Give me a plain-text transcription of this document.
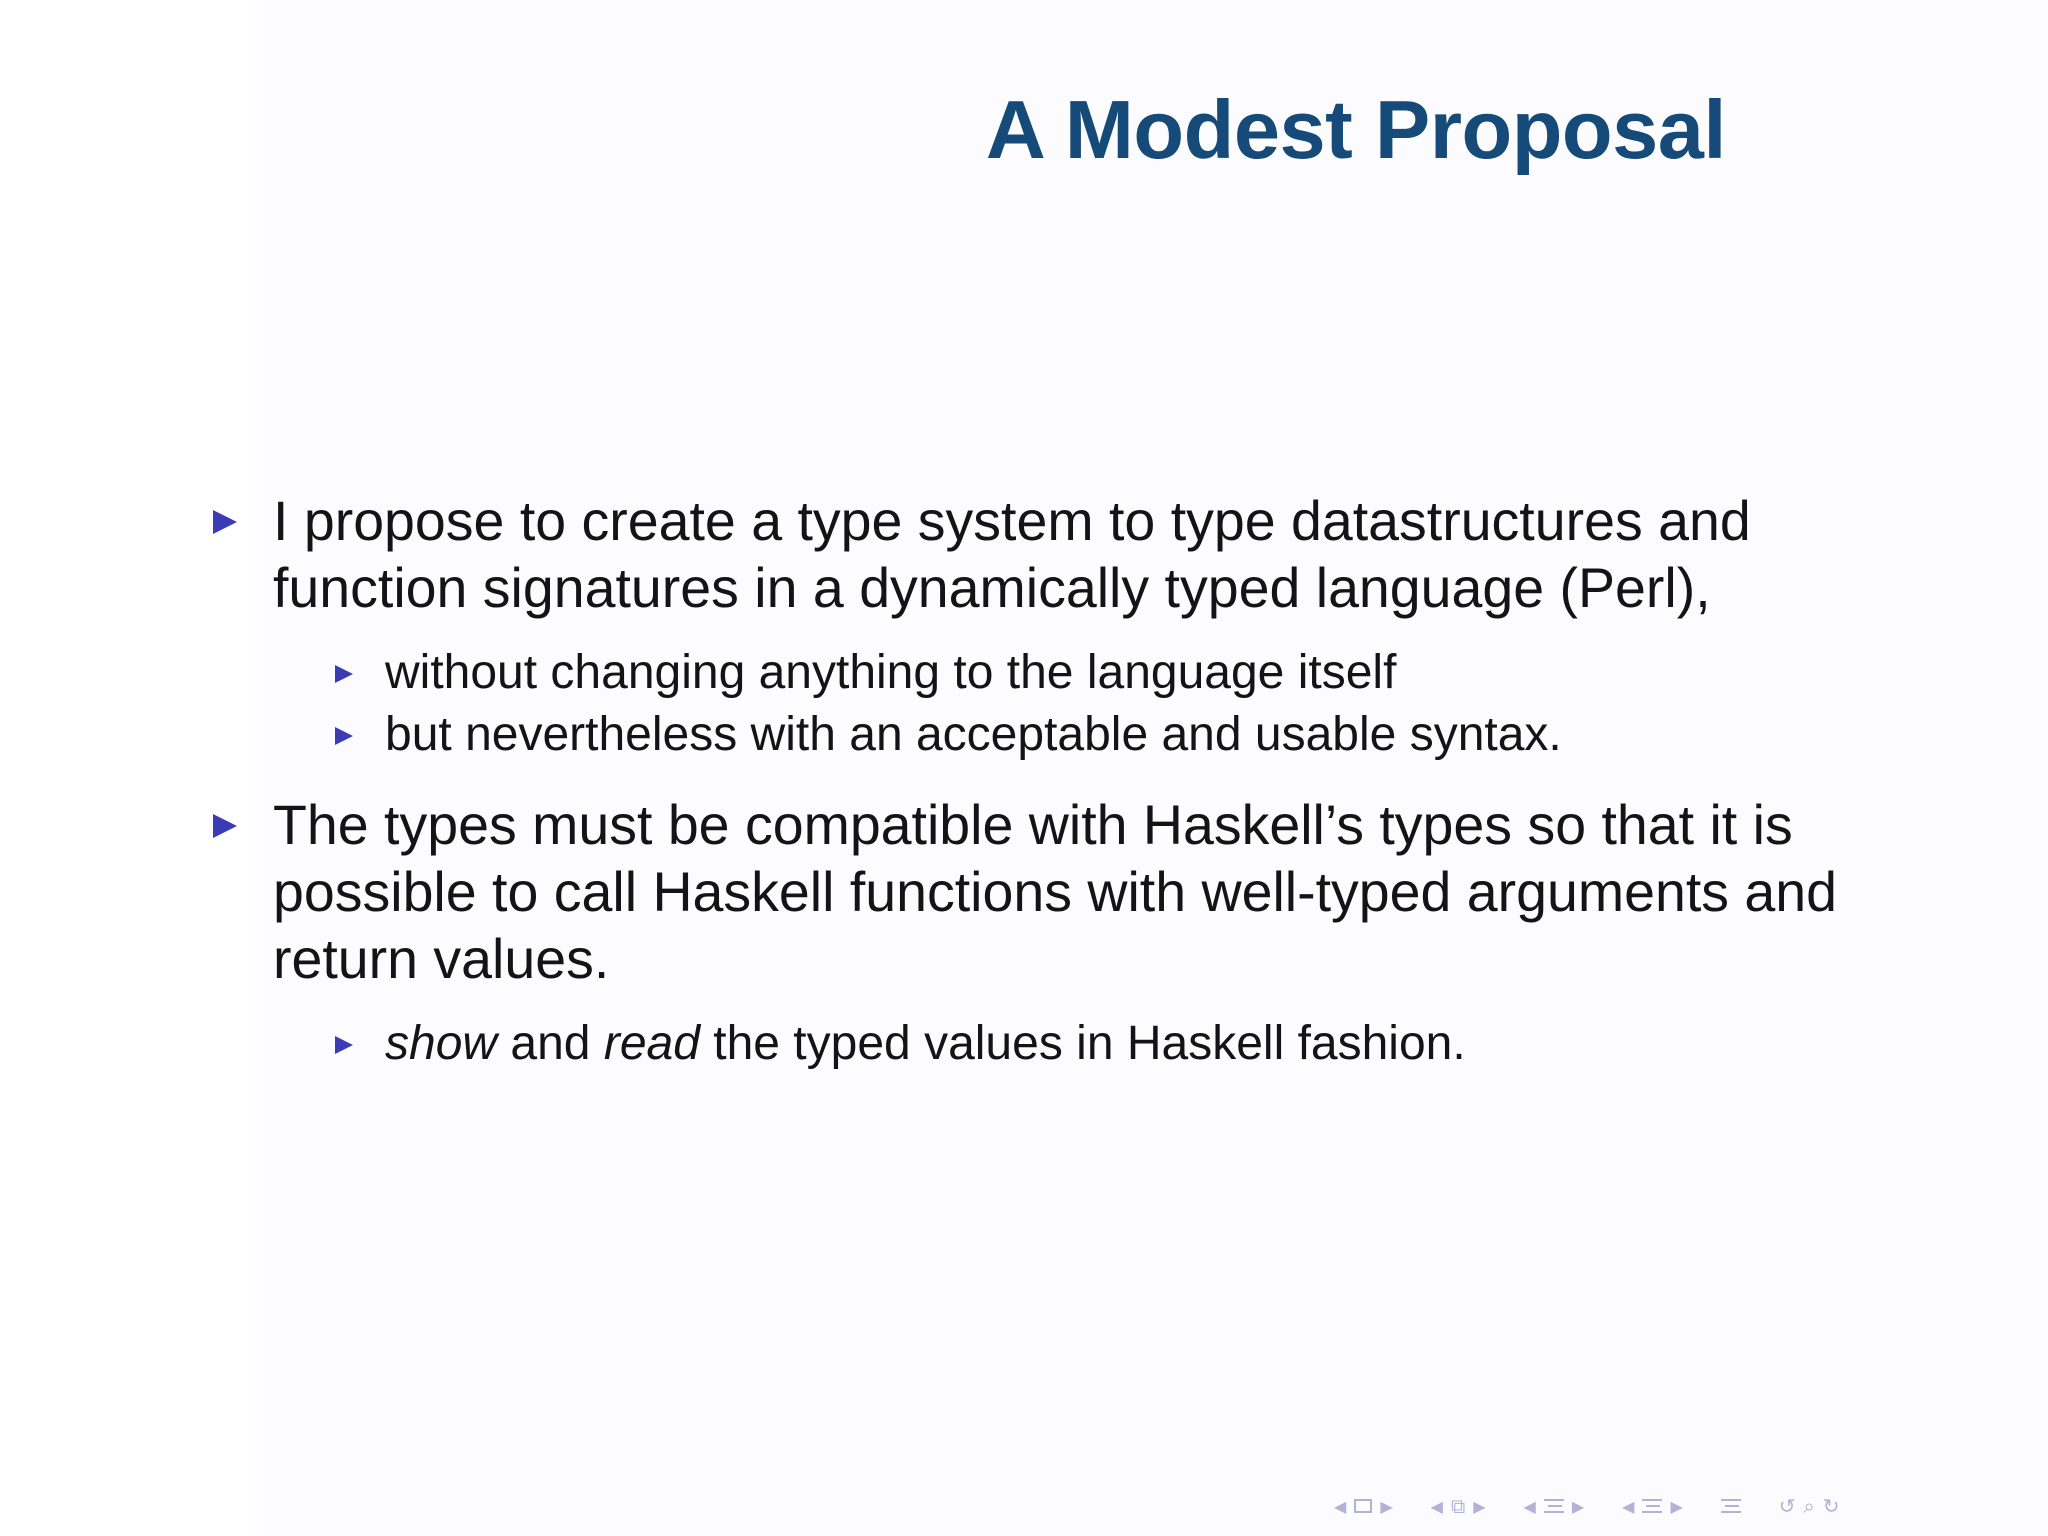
A Modest Proposal
I propose to create a type system to type datastructures and function signatures in a dynamically typed language (Perl),
without changing anything to the language itself
but nevertheless with an acceptable and usable syntax.
The types must be compatible with Haskell’s types so that it is possible to call Haskell functions with well-typed arguments and return values.
show and read the typed values in Haskell fashion.
◀ ▶ ◀ ⧉ ▶ ◀ ▶ ◀ ▶	↺ ⌕ ↻
